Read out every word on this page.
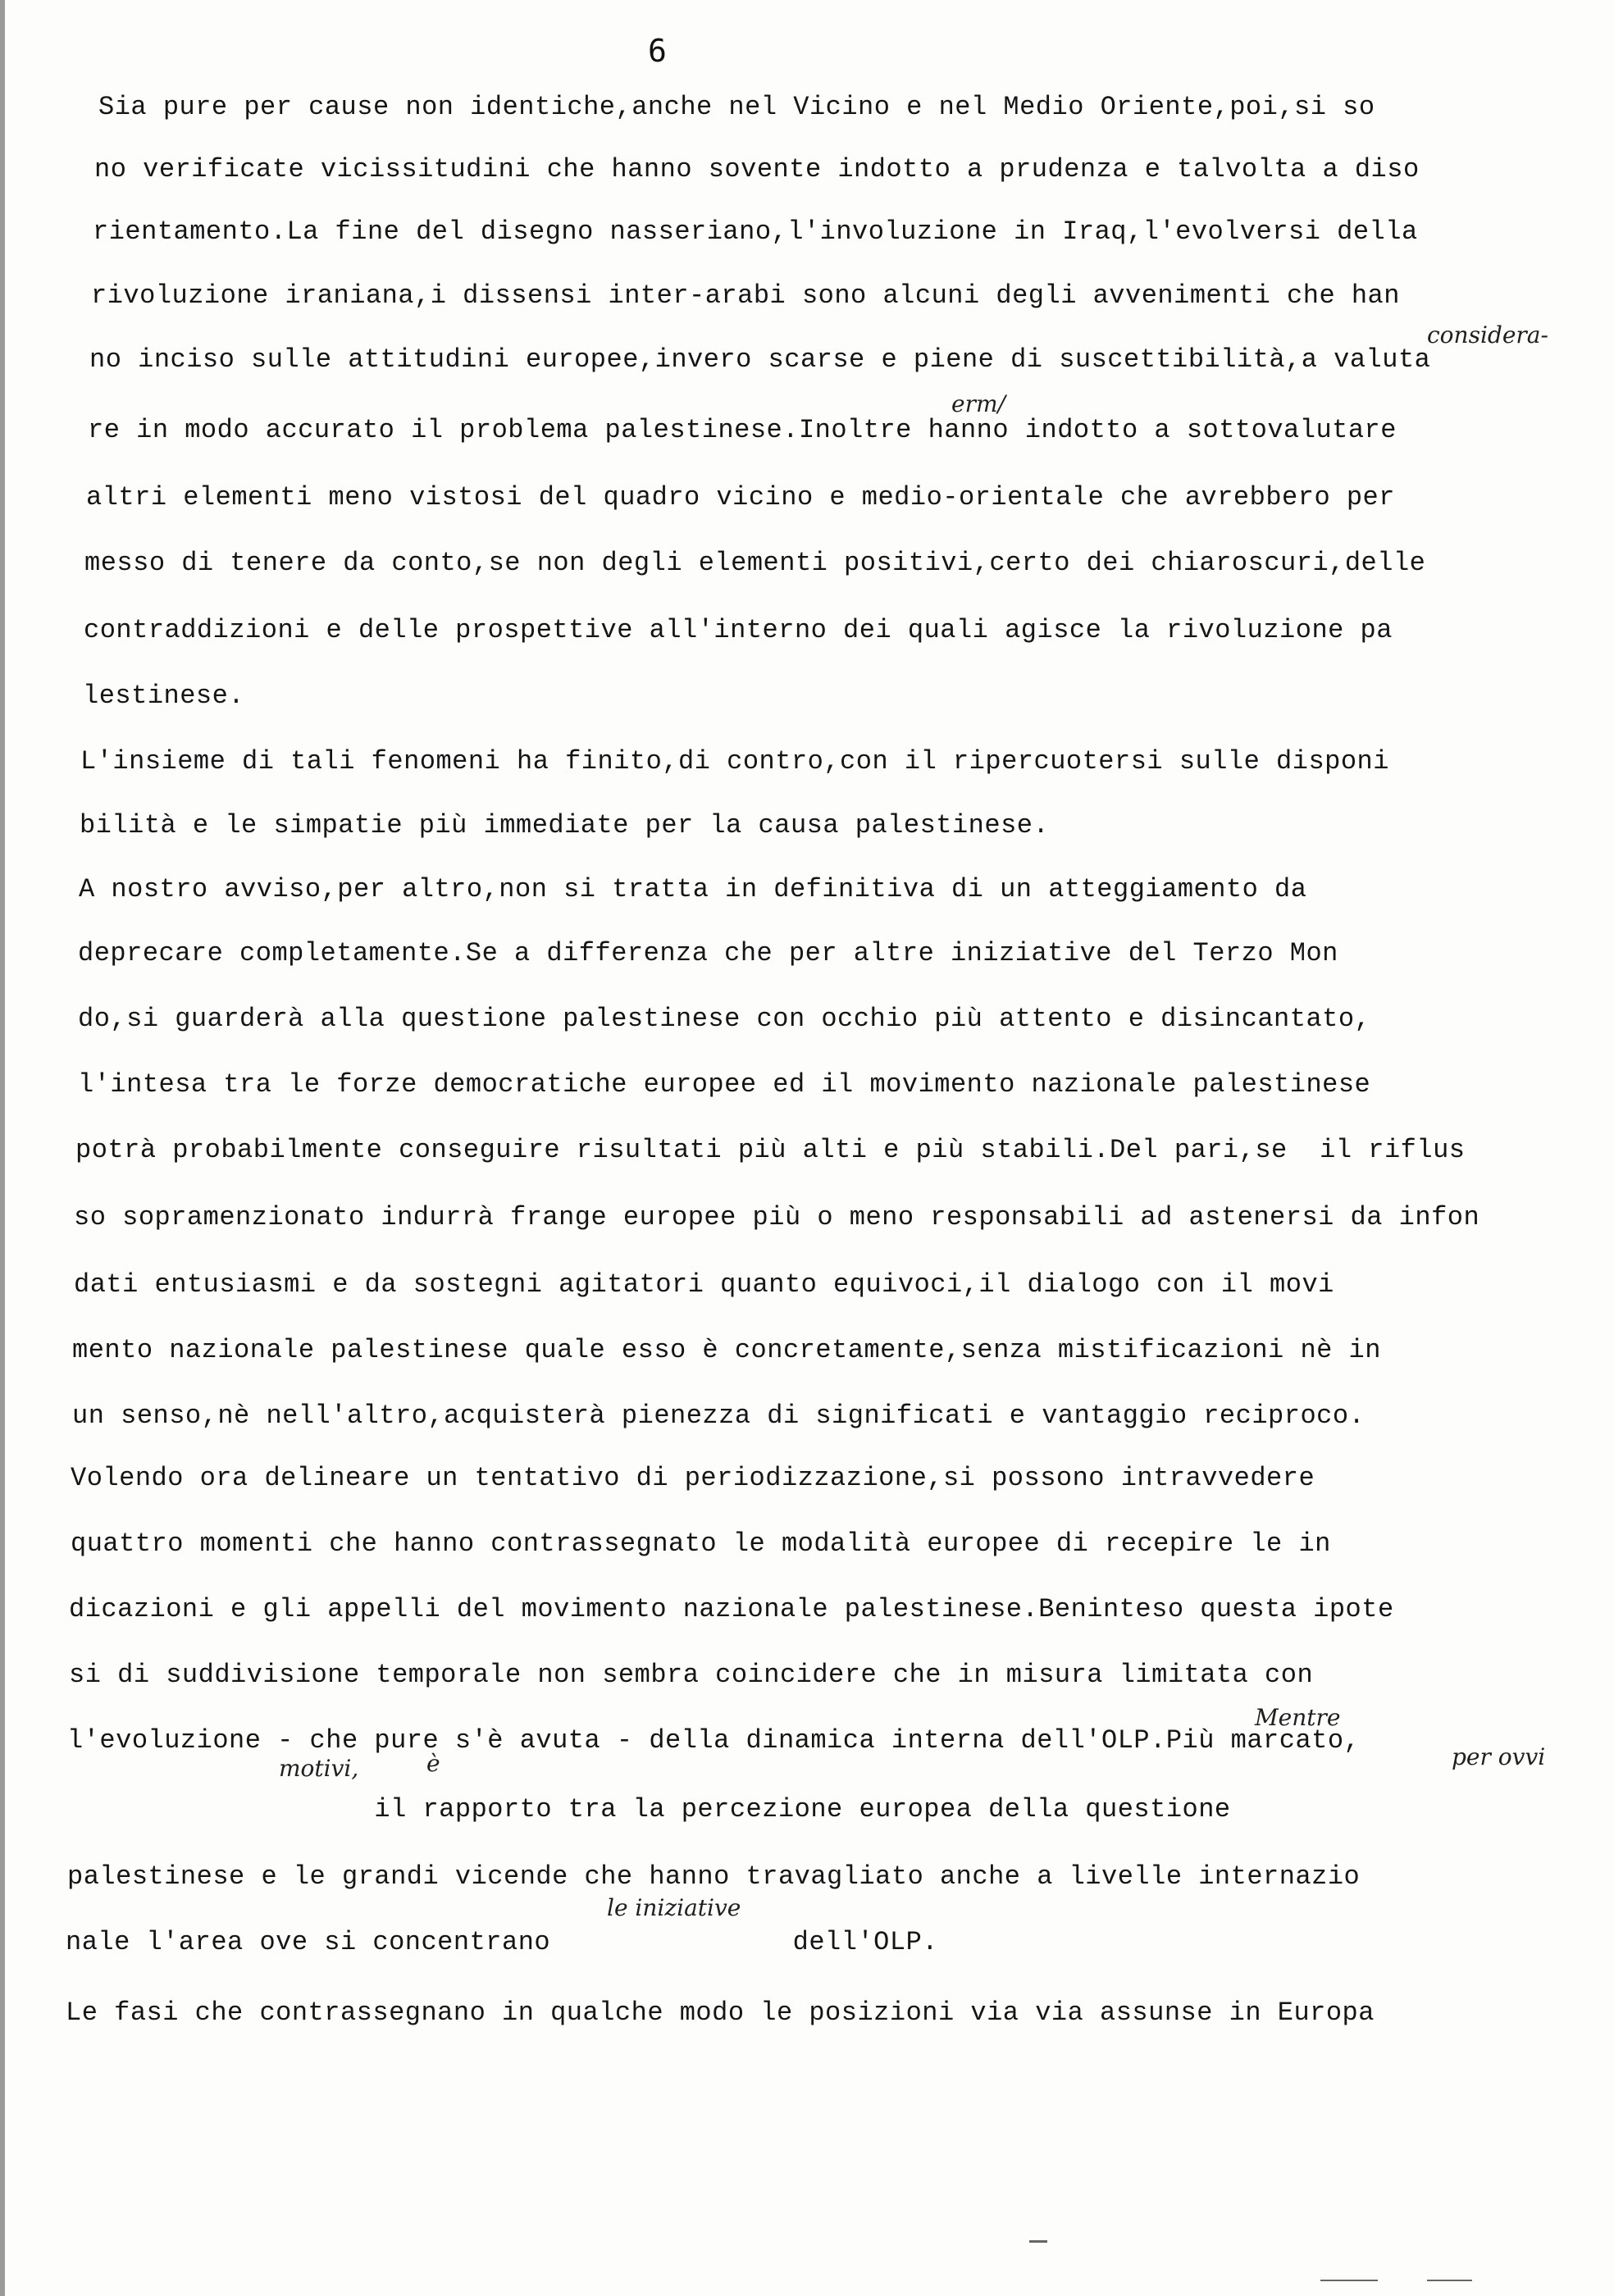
6
Sia pure per cause non identiche,anche nel Vicino e nel Medio Oriente,poi,si so
no verificate vicissitudini che hanno sovente indotto a prudenza e talvolta a diso
rientamento.La fine del disegno nasseriano,l'involuzione in Iraq,l'evolversi della
rivoluzione iraniana,i dissensi inter-arabi sono alcuni degli avvenimenti che han
no inciso sulle attitudini europee,invero scarse e piene di suscettibilità,a valuta
re in modo accurato il problema palestinese.Inoltre hanno indotto a sottovalutare
altri elementi meno vistosi del quadro vicino e medio-orientale che avrebbero per
messo di tenere da conto,se non degli elementi positivi,certo dei chiaroscuri,delle
contraddizioni e delle prospettive all'interno dei quali agisce la rivoluzione pa
lestinese.
L'insieme di tali fenomeni ha finito,di contro,con il ripercuotersi sulle disponi
bilità e le simpatie più immediate per la causa palestinese.
A nostro avviso,per altro,non si tratta in definitiva di un atteggiamento da
deprecare completamente.Se a differenza che per altre iniziative del Terzo Mon
do,si guarderà alla questione palestinese con occhio più attento e disincantato,
l'intesa tra le forze democratiche europee ed il movimento nazionale palestinese
potrà probabilmente conseguire risultati più alti e più stabili.Del pari,se  il riflus
so sopramenzionato indurrà frange europee più o meno responsabili ad astenersi da infon
dati entusiasmi e da sostegni agitatori quanto equivoci,il dialogo con il movi
mento nazionale palestinese quale esso è concretamente,senza mistificazioni nè in
un senso,nè nell'altro,acquisterà pienezza di significati e vantaggio reciproco.
Volendo ora delineare un tentativo di periodizzazione,si possono intravvedere
quattro momenti che hanno contrassegnato le modalità europee di recepire le in
dicazioni e gli appelli del movimento nazionale palestinese.Beninteso questa ipote
si di suddivisione temporale non sembra coincidere che in misura limitata con
l'evoluzione - che pure s'è avuta - della dinamica interna dell'OLP.Più marcato,
il rapporto tra la percezione europea della questione
palestinese e le grandi vicende che hanno travagliato anche a livelle internazio
nale l'area ove si concentrano               dell'OLP.
Le fasi che contrassegnano in qualche modo le posizioni via via assunse in Europa
considera-
erm/
Mentre
per ovvi
motivi,	è
le iniziative
